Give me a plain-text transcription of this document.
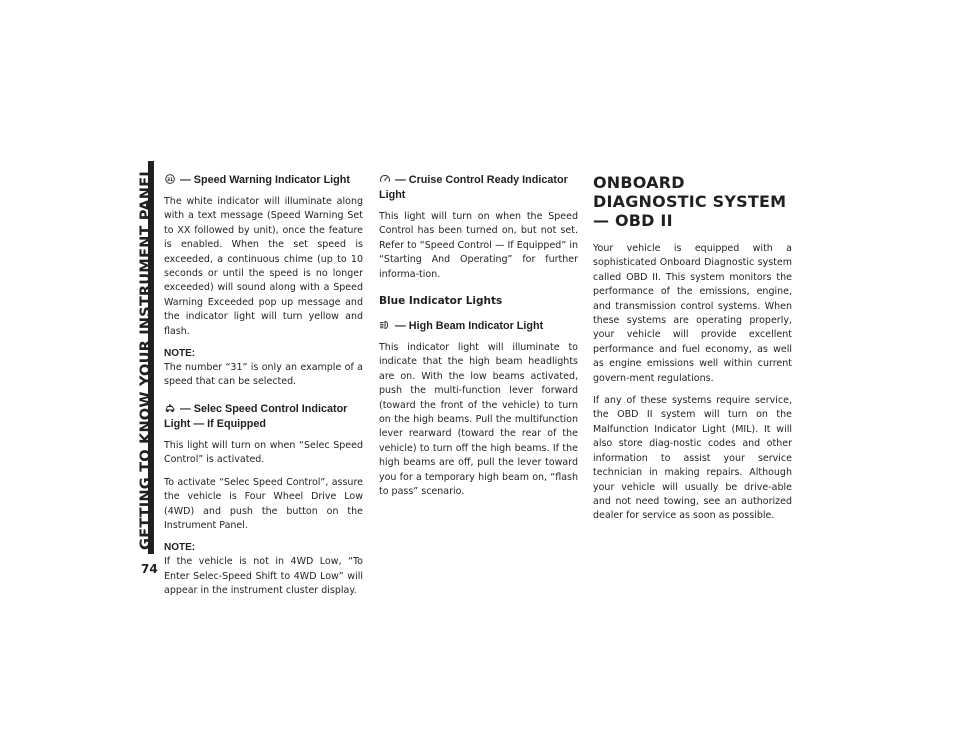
GETTING TO KNOW YOUR INSTRUMENT PANEL
74
31 — Speed Warning Indicator Light

The white indicator will illuminate along with a text message (Speed Warning Set to XX followed by unit), once the feature is enabled. When the set speed is exceeded, a continuous chime (up to 10 seconds or until the speed is no longer exceeded) will sound along with a Speed Warning Exceeded pop up message and the indicator light will turn yellow and flash.

NOTE:

The number “31” is only an example of a speed that can be selected.

— Selec Speed Control Indicator Light — If Equipped

This light will turn on when “Selec Speed Control” is activated.

To activate “Selec Speed Control”, assure the vehicle is Four Wheel Drive Low (4WD) and push the button on the Instrument Panel.

NOTE:

If the vehicle is not in 4WD Low, “To Enter Selec-Speed Shift to 4WD Low” will appear in the instrument cluster display.

— Cruise Control Ready Indicator Light

This light will turn on when the Speed Control has been turned on, but not set. Refer to “Speed Control — If Equipped” in “Starting And Operating” for further informa-tion.

Blue Indicator Lights
— High Beam Indicator Light

This indicator light will illuminate to indicate that the high beam headlights are on. With the low beams activated, push the multi-function lever forward (toward the front of the vehicle) to turn on the high beams. Pull the multifunction lever rearward (toward the rear of the vehicle) to turn off the high beams. If the high beams are off, pull the lever toward you for a temporary high beam on, “flash to pass” scenario.

ONBOARD DIAGNOSTIC SYSTEM — OBD II

Your vehicle is equipped with a sophisticated Onboard Diagnostic system called OBD II. This system monitors the performance of the emissions, engine, and transmission control systems. When these systems are operating properly, your vehicle will provide excellent performance and fuel economy, as well as engine emissions well within current govern-ment regulations.

If any of these systems require service, the OBD II system will turn on the Malfunction Indicator Light (MIL). It will also store diag-nostic codes and other information to assist your service technician in making repairs. Although your vehicle will usually be drive-able and not need towing, see an authorized dealer for service as soon as possible.
